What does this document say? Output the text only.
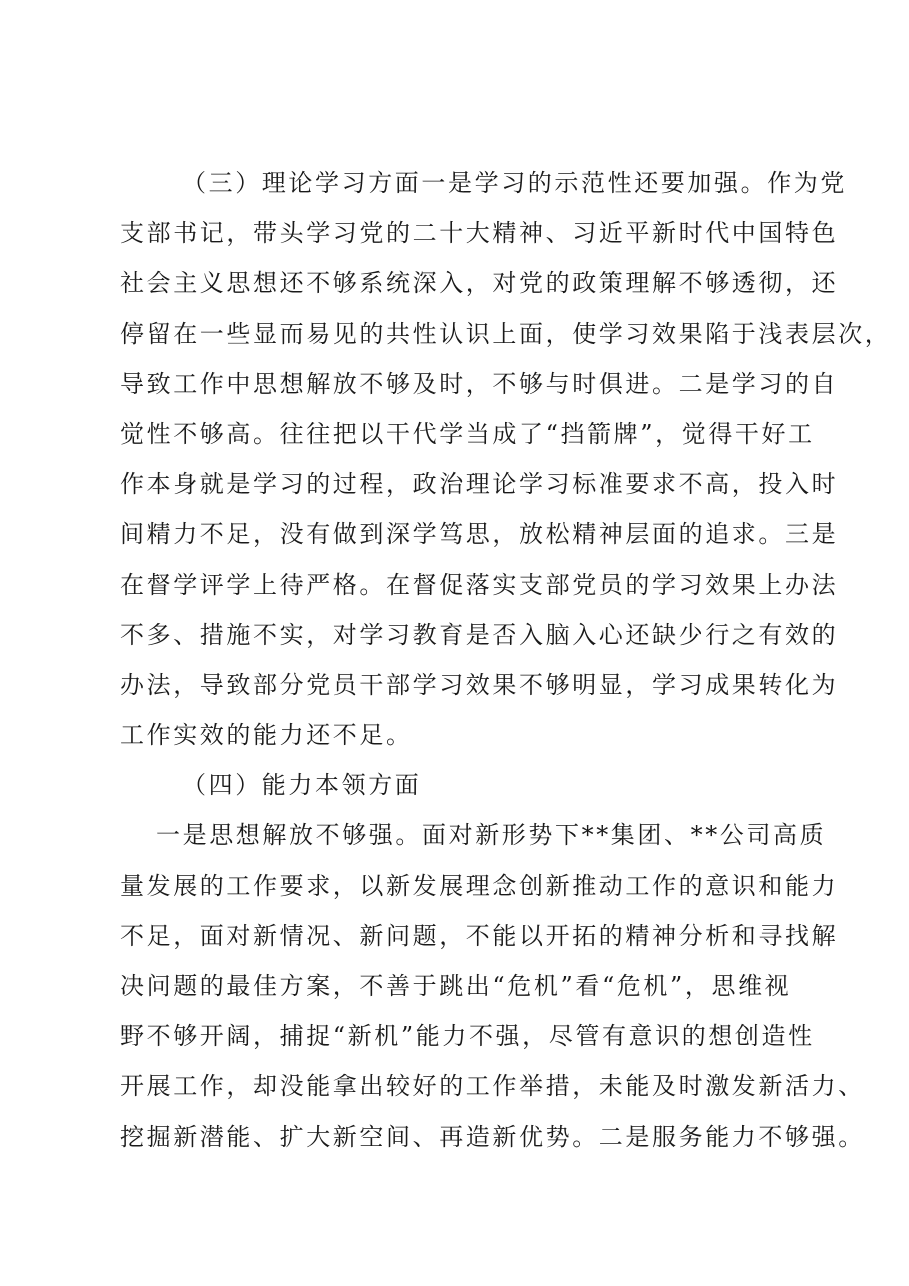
（三）理论学习方面一是学习的示范性还要加强。作为党
支部书记，带头学习党的二十大精神、习近平新时代中国特色
社会主义思想还不够系统深入，对党的政策理解不够透彻，还
停留在一些显而易见的共性认识上面，使学习效果陷于浅表层次，
导致工作中思想解放不够及时，不够与时俱进。二是学习的自
觉性不够高。往往把以干代学当成了“挡箭牌”，觉得干好工
作本身就是学习的过程，政治理论学习标准要求不高，投入时
间精力不足，没有做到深学笃思，放松精神层面的追求。三是
在督学评学上待严格。在督促落实支部党员的学习效果上办法
不多、措施不实，对学习教育是否入脑入心还缺少行之有效的
办法，导致部分党员干部学习效果不够明显，学习成果转化为
工作实效的能力还不足。
（四）能力本领方面
一是思想解放不够强。面对新形势下**集团、**公司高质
量发展的工作要求，以新发展理念创新推动工作的意识和能力
不足，面对新情况、新问题，不能以开拓的精神分析和寻找解
决问题的最佳方案，不善于跳出“危机”看“危机”，思维视
野不够开阔，捕捉“新机”能力不强，尽管有意识的想创造性
开展工作，却没能拿出较好的工作举措，未能及时激发新活力、
挖掘新潜能、扩大新空间、再造新优势。二是服务能力不够强。
